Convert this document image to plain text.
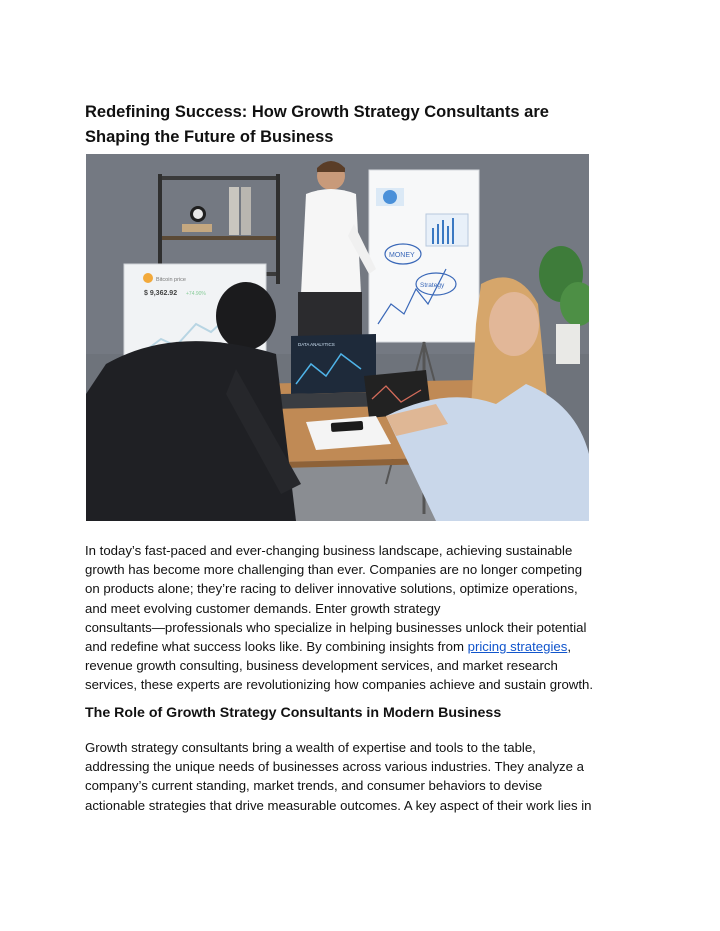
Redefining Success: How Growth Strategy Consultants are
Shaping the Future of Business
Bitcoin price
$ 9,362.92 +74.90%
MONEY
Strategy
DATA ANALYTICS

In today’s fast-paced and ever-changing business landscape, achieving sustainable
growth has become more challenging than ever. Companies are no longer competing
on products alone; they’re racing to deliver innovative solutions, optimize operations,
and meet evolving customer demands. Enter growth strategy
consultants—professionals who specialize in helping businesses unlock their potential
and redefine what success looks like. By combining insights from pricing strategies,
revenue growth consulting, business development services, and market research
services, these experts are revolutionizing how companies achieve and sustain growth.

The Role of Growth Strategy Consultants in Modern Business

Growth strategy consultants bring a wealth of expertise and tools to the table,
addressing the unique needs of businesses across various industries. They analyze a
company’s current standing, market trends, and consumer behaviors to devise
actionable strategies that drive measurable outcomes. A key aspect of their work lies in
